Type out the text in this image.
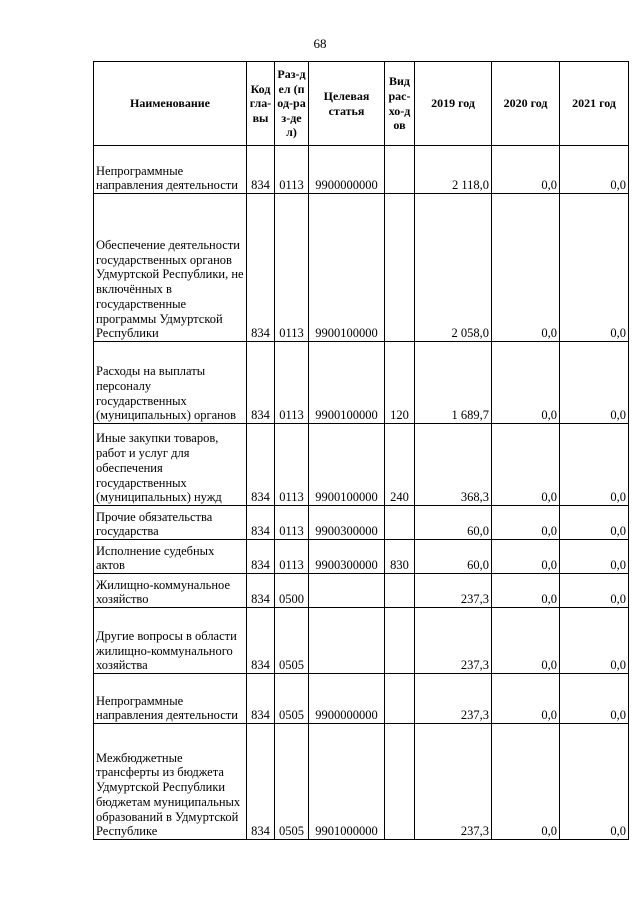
68
Наименование	Код гла-вы	Раз-дел (под-раз-дел)	Целевая статья	Вид рас-хо-дов	2019 год	2020 год	2021 год
Непрограммные направления деятельности	834	0113	9900000000		2 118,0	0,0	0,0
Обеспечение деятельности государственных органов Удмуртской Республики, не включённых в государственные программы Удмуртской Республики	834	0113	9900100000		2 058,0	0,0	0,0
Расходы на выплаты персоналу государственных (муниципальных) органов	834	0113	9900100000	120	1 689,7	0,0	0,0
Иные закупки товаров, работ и услуг для обеспечения государственных (муниципальных) нужд	834	0113	9900100000	240	368,3	0,0	0,0
Прочие обязательства государства	834	0113	9900300000		60,0	0,0	0,0
Исполнение судебных актов	834	0113	9900300000	830	60,0	0,0	0,0
Жилищно-коммунальное хозяйство	834	0500			237,3	0,0	0,0
Другие вопросы в области жилищно-коммунального хозяйства	834	0505			237,3	0,0	0,0
Непрограммные направления деятельности	834	0505	9900000000		237,3	0,0	0,0
Межбюджетные трансферты из бюджета Удмуртской Республики бюджетам муниципальных образований в Удмуртской Республике	834	0505	9901000000		237,3	0,0	0,0
